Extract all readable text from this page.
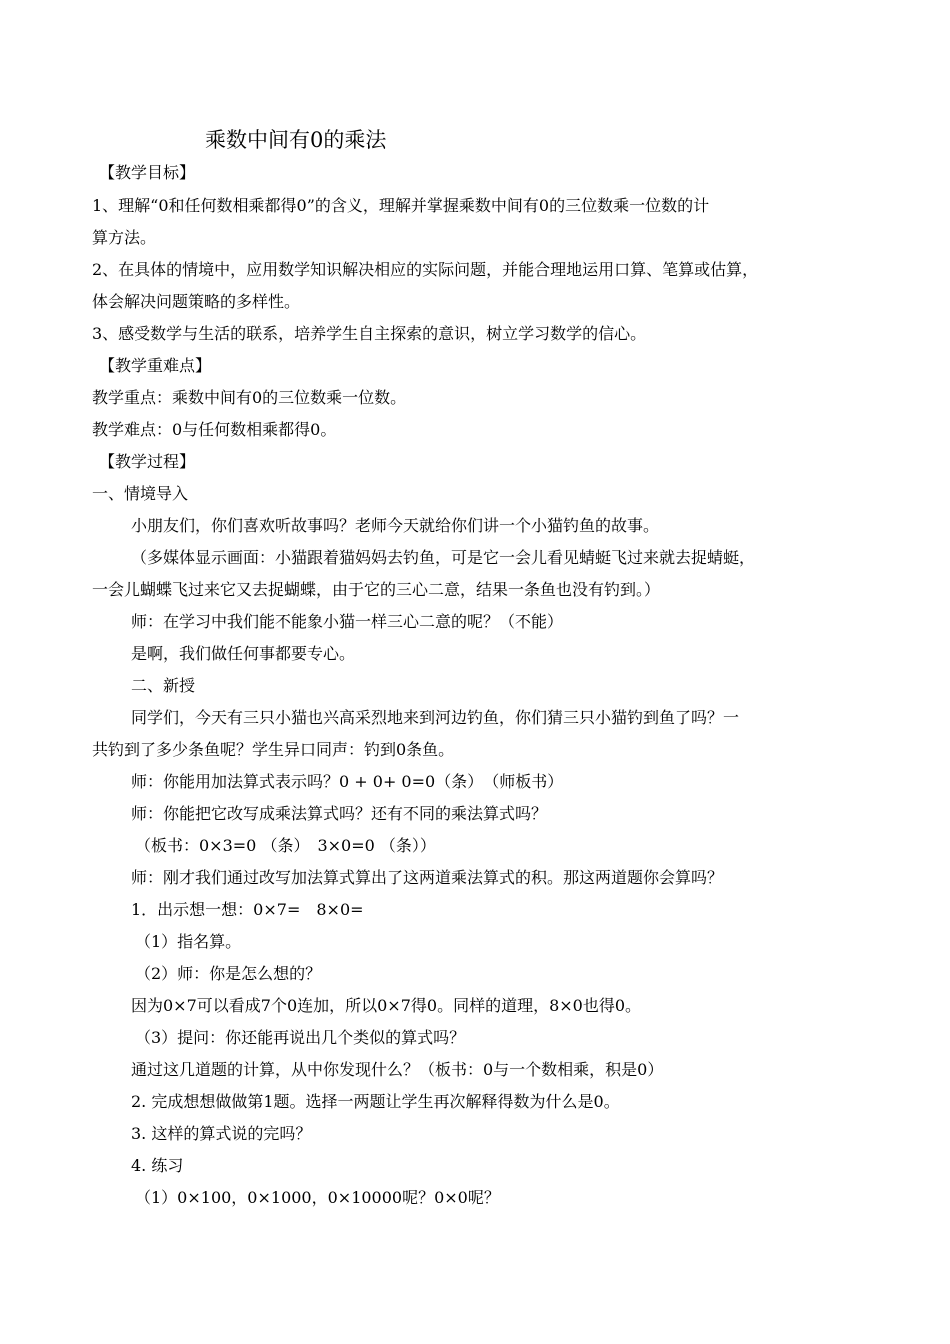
乘数中间有0的乘法
【教学目标】
1、理解“0和任何数相乘都得0”的含义，理解并掌握乘数中间有0的三位数乘一位数的计
算方法。
2、在具体的情境中，应用数学知识解决相应的实际问题，并能合理地运用口算、笔算或估算，
体会解决问题策略的多样性。
3、感受数学与生活的联系，培养学生自主探索的意识，树立学习数学的信心。
【教学重难点】
教学重点：乘数中间有0的三位数乘一位数。
教学难点：0与任何数相乘都得0。
【教学过程】
一、情境导入
小朋友们，你们喜欢听故事吗？老师今天就给你们讲一个小猫钓鱼的故事。
（多媒体显示画面：小猫跟着猫妈妈去钓鱼，可是它一会儿看见蜻蜓飞过来就去捉蜻蜓，
一会儿蝴蝶飞过来它又去捉蝴蝶，由于它的三心二意，结果一条鱼也没有钓到。）
师：在学习中我们能不能象小猫一样三心二意的呢？（不能）
是啊，我们做任何事都要专心。
二、新授
同学们，今天有三只小猫也兴高采烈地来到河边钓鱼，你们猜三只小猫钓到鱼了吗？一
共钓到了多少条鱼呢？学生异口同声：钓到0条鱼。
师：你能用加法算式表示吗？0 + 0+ 0=0（条）　（师板书）
师：你能把它改写成乘法算式吗？还有不同的乘法算式吗？
（板书：0×3=0 （条）　3×0=0 （条））
师：刚才我们通过改写加法算式算出了这两道乘法算式的积。那这两道题你会算吗？
1．出示想一想：0×7=　8×0=
（1）指名算。
（2）师：你是怎么想的？
因为0×7可以看成7个0连加，所以0×7得0。同样的道理，8×0也得0。
（3）提问：你还能再说出几个类似的算式吗？
通过这几道题的计算，从中你发现什么？（板书：0与一个数相乘，积是0）
2. 完成想想做做第1题。选择一两题让学生再次解释得数为什么是0。
3. 这样的算式说的完吗？
4. 练习
（1）0×100，0×1000，0×10000呢？0×0呢？
